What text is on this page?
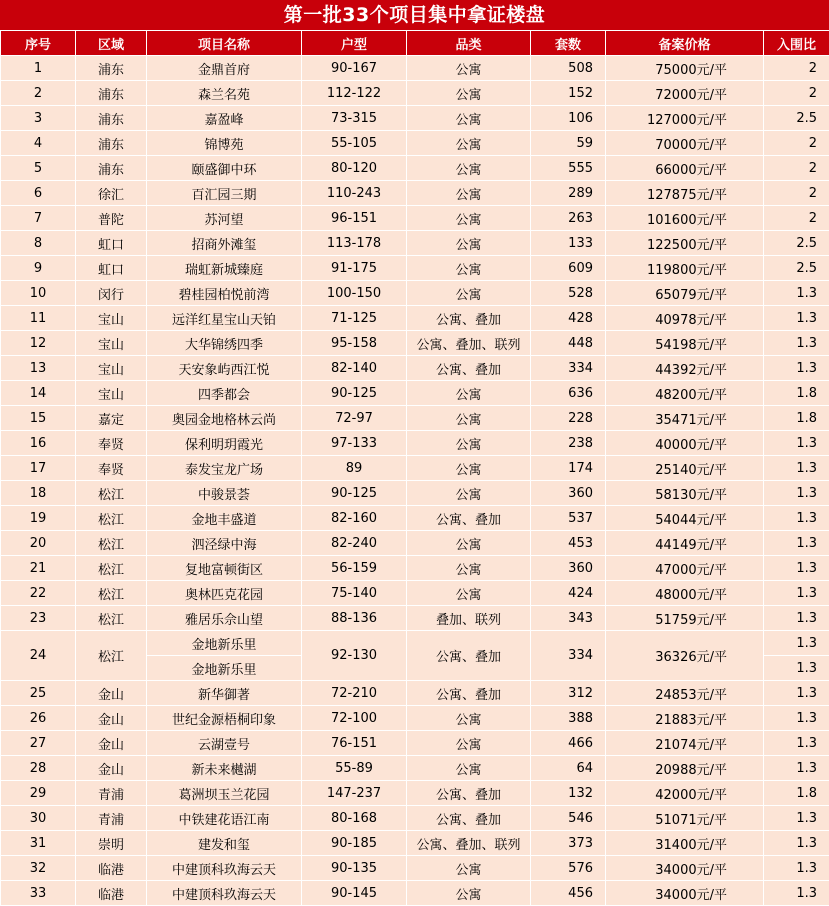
第一批33个项目集中拿证楼盘
序号	区域	项目名称	户型	品类	套数	备案价格	入围比
1	浦东	金鼎首府	90-167	公寓	508	75000元/平	2
2	浦东	森兰名苑	112-122	公寓	152	72000元/平	2
3	浦东	嘉盈峰	73-315	公寓	106	127000元/平	2.5
4	浦东	锦博苑	55-105	公寓	59	70000元/平	2
5	浦东	颐盛御中环	80-120	公寓	555	66000元/平	2
6	徐汇	百汇园三期	110-243	公寓	289	127875元/平	2
7	普陀	苏河望	96-151	公寓	263	101600元/平	2
8	虹口	招商外滩玺	113-178	公寓	133	122500元/平	2.5
9	虹口	瑞虹新城臻庭	91-175	公寓	609	119800元/平	2.5
10	闵行	碧桂园柏悦前湾	100-150	公寓	528	65079元/平	1.3
11	宝山	远洋红星宝山天铂	71-125	公寓、叠加	428	40978元/平	1.3
12	宝山	大华锦绣四季	95-158	公寓、叠加、联列	448	54198元/平	1.3
13	宝山	天安象屿西江悦	82-140	公寓、叠加	334	44392元/平	1.3
14	宝山	四季都会	90-125	公寓	636	48200元/平	1.8
15	嘉定	奥园金地格林云尚	72-97	公寓	228	35471元/平	1.8
16	奉贤	保利明玥霞光	97-133	公寓	238	40000元/平	1.3
17	奉贤	泰发宝龙广场	89	公寓	174	25140元/平	1.3
18	松江	中骏景荟	90-125	公寓	360	58130元/平	1.3
19	松江	金地丰盛道	82-160	公寓、叠加	537	54044元/平	1.3
20	松江	泗泾绿中海	82-240	公寓	453	44149元/平	1.3
21	松江	复地富顿街区	56-159	公寓	360	47000元/平	1.3
22	松江	奥林匹克花园	75-140	公寓	424	48000元/平	1.3
23	松江	雅居乐佘山望	88-136	叠加、联列	343	51759元/平	1.3
24	松江	金地新乐里	92-130	公寓、叠加	334	36326元/平	1.3
		金地新乐里					1.3
25	金山	新华御著	72-210	公寓、叠加	312	24853元/平	1.3
26	金山	世纪金源梧桐印象	72-100	公寓	388	21883元/平	1.3
27	金山	云湖壹号	76-151	公寓	466	21074元/平	1.3
28	金山	新未来樾湖	55-89	公寓	64	20988元/平	1.3
29	青浦	葛洲坝玉兰花园	147-237	公寓、叠加	132	42000元/平	1.8
30	青浦	中铁建花语江南	80-168	公寓、叠加	546	51071元/平	1.3
31	崇明	建发和玺	90-185	公寓、叠加、联列	373	31400元/平	1.3
32	临港	中建顶科玖海云天	90-135	公寓	576	34000元/平	1.3
33	临港	中建顶科玖海云天	90-145	公寓	456	34000元/平	1.3
